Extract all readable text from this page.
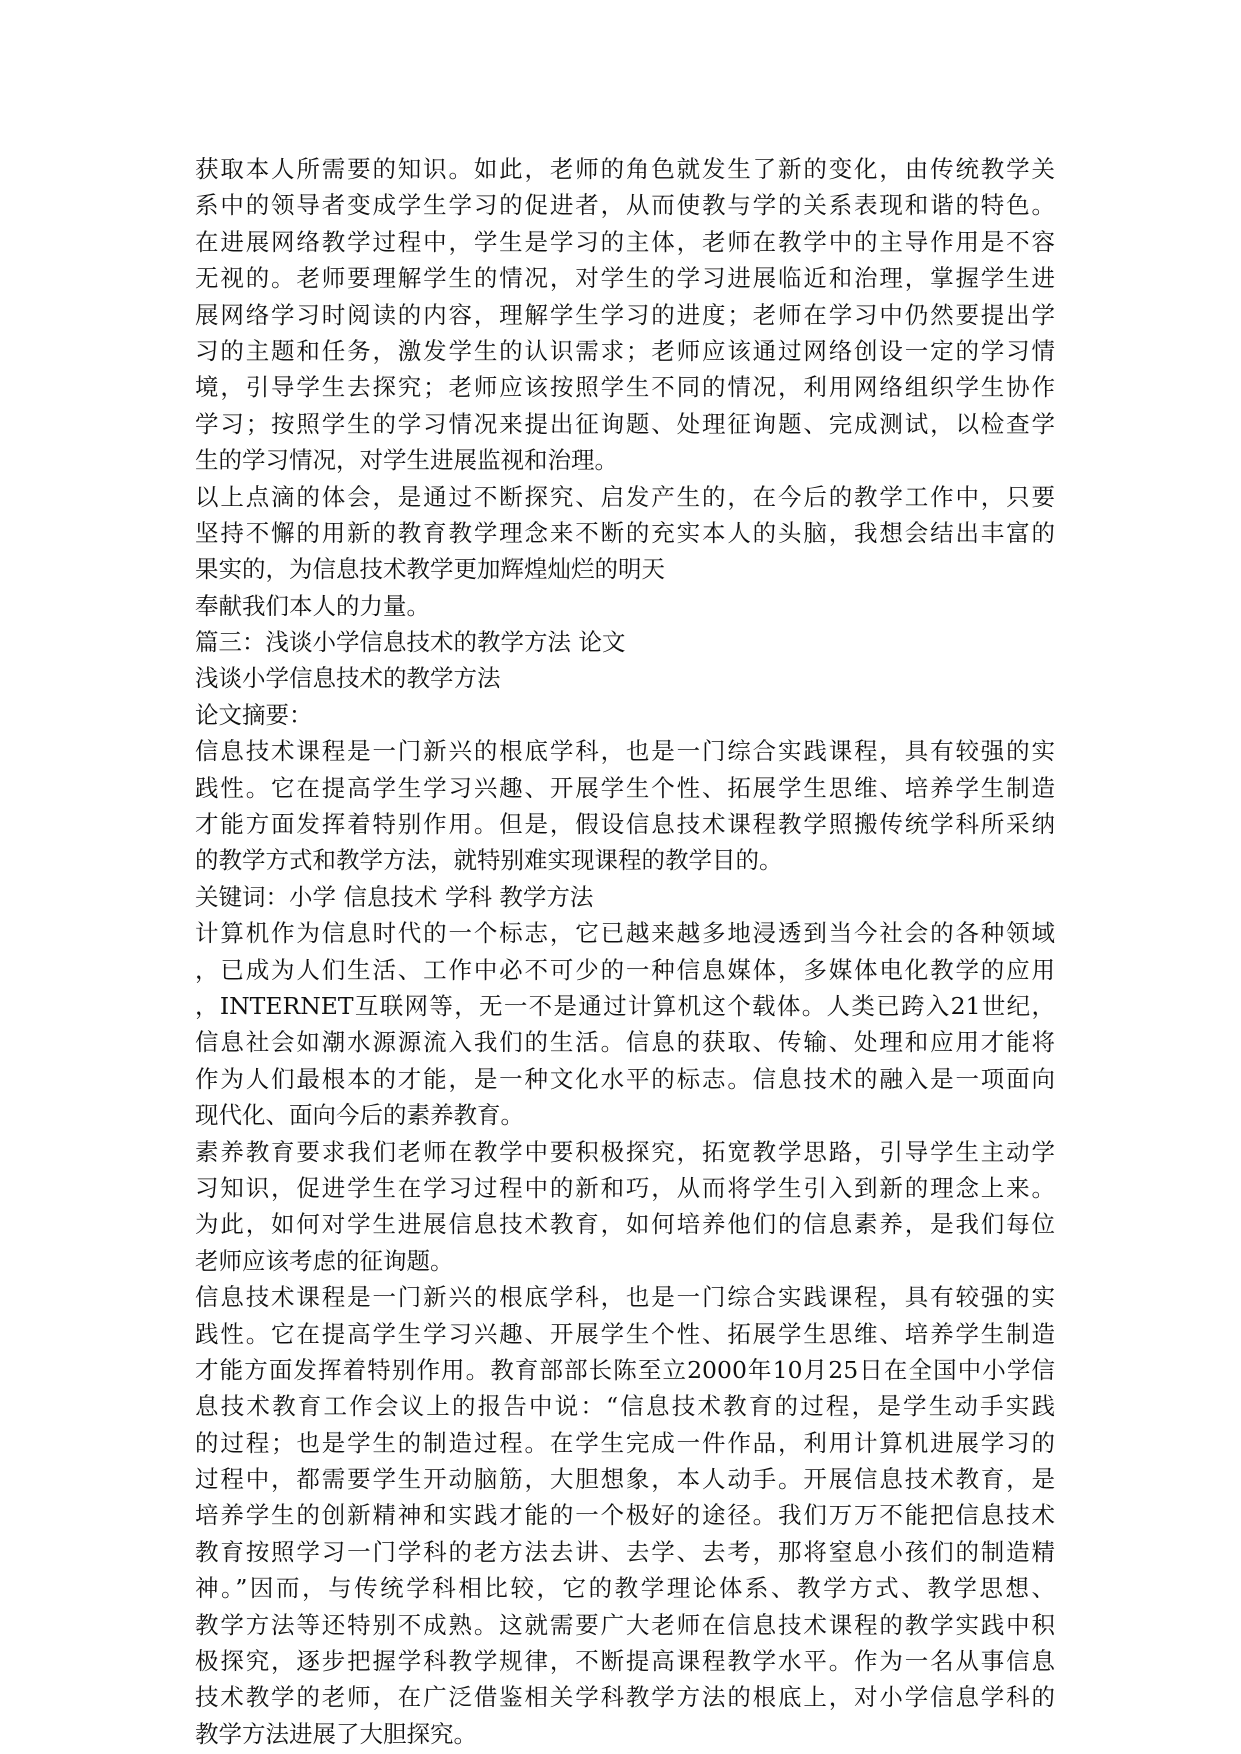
获取本人所需要的知识。如此，老师的角色就发生了新的变化，由传统教学关
系中的领导者变成学生学习的促进者，从而使教与学的关系表现和谐的特色。
在进展网络教学过程中，学生是学习的主体，老师在教学中的主导作用是不容
无视的。老师要理解学生的情况，对学生的学习进展临近和治理，掌握学生进
展网络学习时阅读的内容，理解学生学习的进度；老师在学习中仍然要提出学
习的主题和任务，激发学生的认识需求；老师应该通过网络创设一定的学习情
境，引导学生去探究；老师应该按照学生不同的情况，利用网络组织学生协作
学习；按照学生的学习情况来提出征询题、处理征询题、完成测试，以检查学
生的学习情况，对学生进展监视和治理。
以上点滴的体会，是通过不断探究、启发产生的，在今后的教学工作中，只要
坚持不懈的用新的教育教学理念来不断的充实本人的头脑，我想会结出丰富的
果实的，为信息技术教学更加辉煌灿烂的明天
奉献我们本人的力量。
篇三：浅谈小学信息技术的教学方法 论文
浅谈小学信息技术的教学方法
论文摘要：
信息技术课程是一门新兴的根底学科，也是一门综合实践课程，具有较强的实
践性。它在提高学生学习兴趣、开展学生个性、拓展学生思维、培养学生制造
才能方面发挥着特别作用。但是，假设信息技术课程教学照搬传统学科所采纳
的教学方式和教学方法，就特别难实现课程的教学目的。
关键词：小学 信息技术 学科 教学方法
计算机作为信息时代的一个标志，它已越来越多地浸透到当今社会的各种领域
，已成为人们生活、工作中必不可少的一种信息媒体，多媒体电化教学的应用
，INTERNET互联网等，无一不是通过计算机这个载体。人类已跨入21世纪，
信息社会如潮水源源流入我们的生活。信息的获取、传输、处理和应用才能将
作为人们最根本的才能，是一种文化水平的标志。信息技术的融入是一项面向
现代化、面向今后的素养教育。
素养教育要求我们老师在教学中要积极探究，拓宽教学思路，引导学生主动学
习知识，促进学生在学习过程中的新和巧，从而将学生引入到新的理念上来。
为此，如何对学生进展信息技术教育，如何培养他们的信息素养，是我们每位
老师应该考虑的征询题。
信息技术课程是一门新兴的根底学科，也是一门综合实践课程，具有较强的实
践性。它在提高学生学习兴趣、开展学生个性、拓展学生思维、培养学生制造
才能方面发挥着特别作用。教育部部长陈至立2000年10月25日在全国中小学信
息技术教育工作会议上的报告中说：“信息技术教育的过程，是学生动手实践
的过程；也是学生的制造过程。在学生完成一件作品，利用计算机进展学习的
过程中，都需要学生开动脑筋，大胆想象，本人动手。开展信息技术教育，是
培养学生的创新精神和实践才能的一个极好的途径。我们万万不能把信息技术
教育按照学习一门学科的老方法去讲、去学、去考，那将窒息小孩们的制造精
神。”因而，与传统学科相比较，它的教学理论体系、教学方式、教学思想、
教学方法等还特别不成熟。这就需要广大老师在信息技术课程的教学实践中积
极探究，逐步把握学科教学规律，不断提高课程教学水平。作为一名从事信息
技术教学的老师，在广泛借鉴相关学科教学方法的根底上，对小学信息学科的
教学方法进展了大胆探究。
